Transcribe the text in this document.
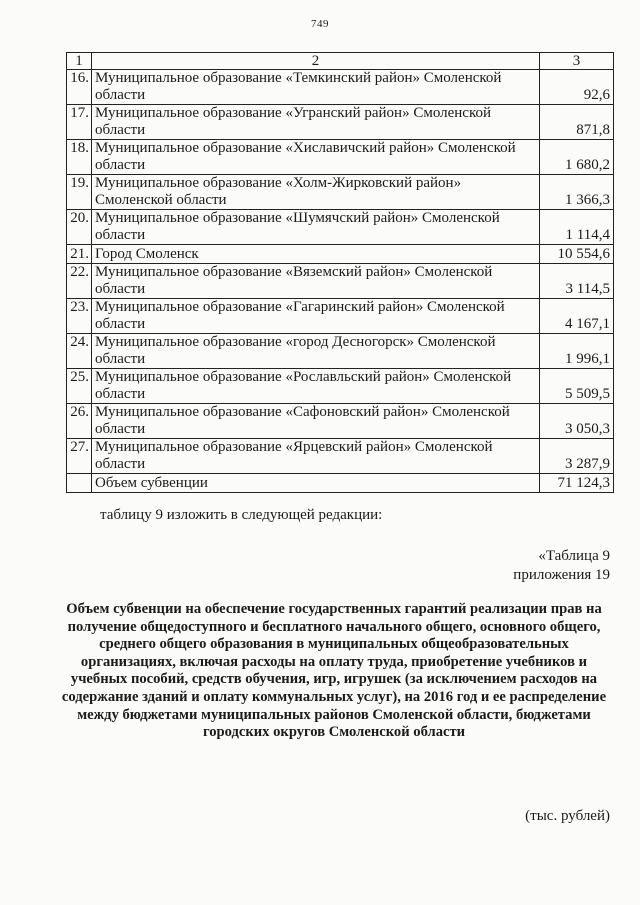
749
1	2	3
16.	Муниципальное образование «Темкинский район» Смоленской области	92,6
17.	Муниципальное образование «Угранский район» Смоленской области	871,8
18.	Муниципальное образование «Хиславичский район» Смоленской области	1 680,2
19.	Муниципальное образование «Холм-Жирковский район» Смоленской области	1 366,3
20.	Муниципальное образование «Шумячский район» Смоленской области	1 114,4
21.	Город Смоленск	10 554,6
22.	Муниципальное образование «Вяземский район» Смоленской области	3 114,5
23.	Муниципальное образование «Гагаринский район» Смоленской области	4 167,1
24.	Муниципальное образование «город Десногорск» Смоленской области	1 996,1
25.	Муниципальное образование «Рославльский район» Смоленской области	5 509,5
26.	Муниципальное образование «Сафоновский район» Смоленской области	3 050,3
27.	Муниципальное образование «Ярцевский район» Смоленской области	3 287,9
	Объем субвенции	71 124,3
таблицу 9 изложить в следующей редакции:
«Таблица 9
приложения 19
Объем субвенции на обеспечение государственных гарантий реализации прав на получение общедоступного и бесплатного начального общего, основного общего, среднего общего образования в муниципальных общеобразовательных организациях, включая расходы на оплату труда, приобретение учебников и учебных пособий, средств обучения, игр, игрушек (за исключением расходов на содержание зданий и оплату коммунальных услуг), на 2016 год и ее распределение между бюджетами муниципальных районов Смоленской области, бюджетами городских округов Смоленской области
(тыс. рублей)
